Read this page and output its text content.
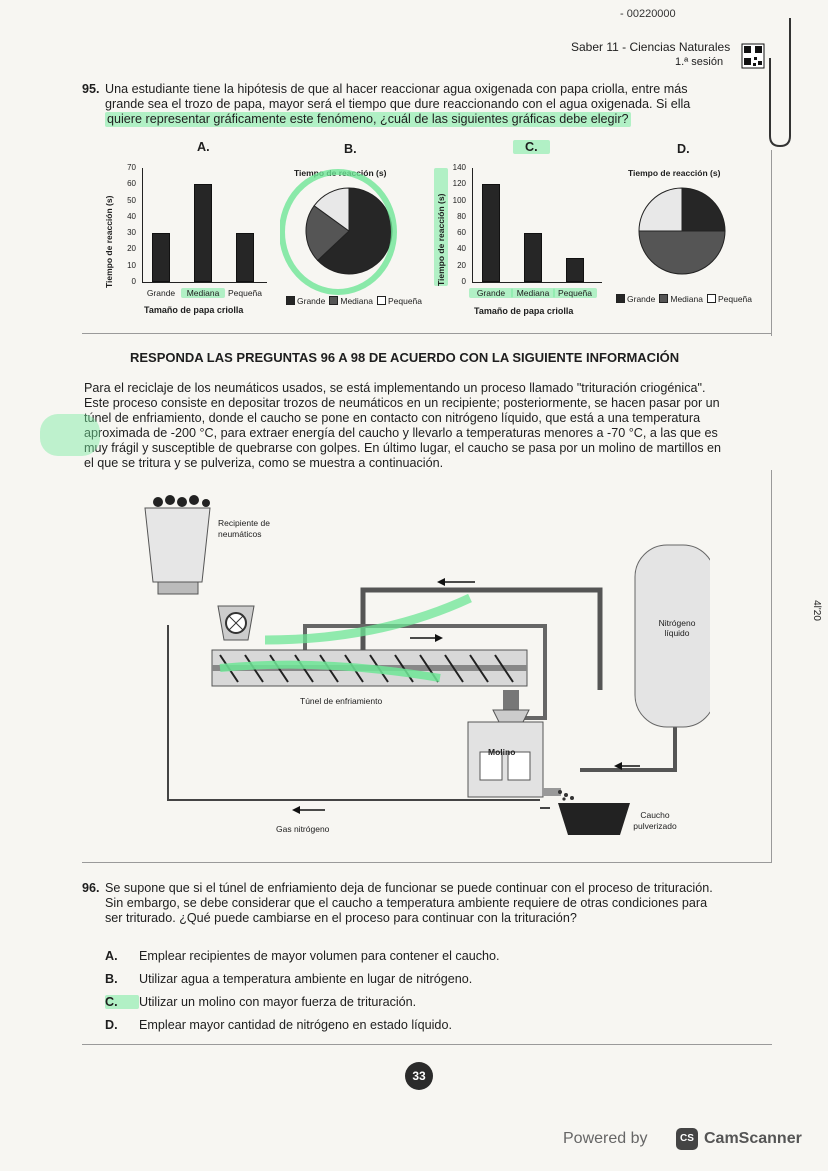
- 00220000
Saber 11 - Ciencias Naturales
1.ª sesión
95. Una estudiante tiene la hipótesis de que al hacer reaccionar agua oxigenada con papa criolla, entre más
grande sea el trozo de papa, mayor será el tiempo que dure reaccionando con el agua oxigenada. Si ella
quiere representar gráficamente este fenómeno, ¿cuál de las siguientes gráficas debe elegir?
A.	B.	C.	D.
Tiempo de reacción (s)	0
10
20
30
40
50
60
70
Grande	Mediana	Pequeña
Tamaño de papa criolla
Tiempo de reacción (s)
Grande Mediana Pequeña
Tiempo de reacción (s)	0
20
40
60
80
100
120
140
Grande	Mediana	Pequeña
Tamaño de papa criolla
Tiempo de reacción (s)
Grande Mediana Pequeña
RESPONDA LAS PREGUNTAS 96 A 98 DE ACUERDO CON LA SIGUIENTE INFORMACIÓN
Para el reciclaje de los neumáticos usados, se está implementando un proceso llamado "trituración criogénica".
Este proceso consiste en depositar trozos de neumáticos en un recipiente; posteriormente, se hacen pasar por un
túnel de enfriamiento, donde el caucho se pone en contacto con nitrógeno líquido, que está a una temperatura
aproximada de -200 °C, para extraer energía del caucho y llevarlo a temperaturas menores a -70 °C, a las que es
muy frágil y susceptible de quebrarse con golpes. En último lugar, el caucho se pasa por un molino de martillos en
el que se tritura y se pulveriza, como se muestra a continuación.
Recipiente de neumáticos
Túnel de enfriamiento
Nitrógeno líquido
Molino
Gas nitrógeno
Caucho pulverizado
96. Se supone que si el túnel de enfriamiento deja de funcionar se puede continuar con el proceso de trituración.
Sin embargo, se debe considerar que el caucho a temperatura ambiente requiere de otras condiciones para
ser triturado. ¿Qué puede cambiarse en el proceso para continuar con la trituración?
A. Emplear recipientes de mayor volumen para contener el caucho.
B. Utilizar agua a temperatura ambiente en lugar de nitrógeno.
C. Utilizar un molino con mayor fuerza de trituración.
D. Emplear mayor cantidad de nitrógeno en estado líquido.
33
4l'20
Powered by	CS CamScanner
